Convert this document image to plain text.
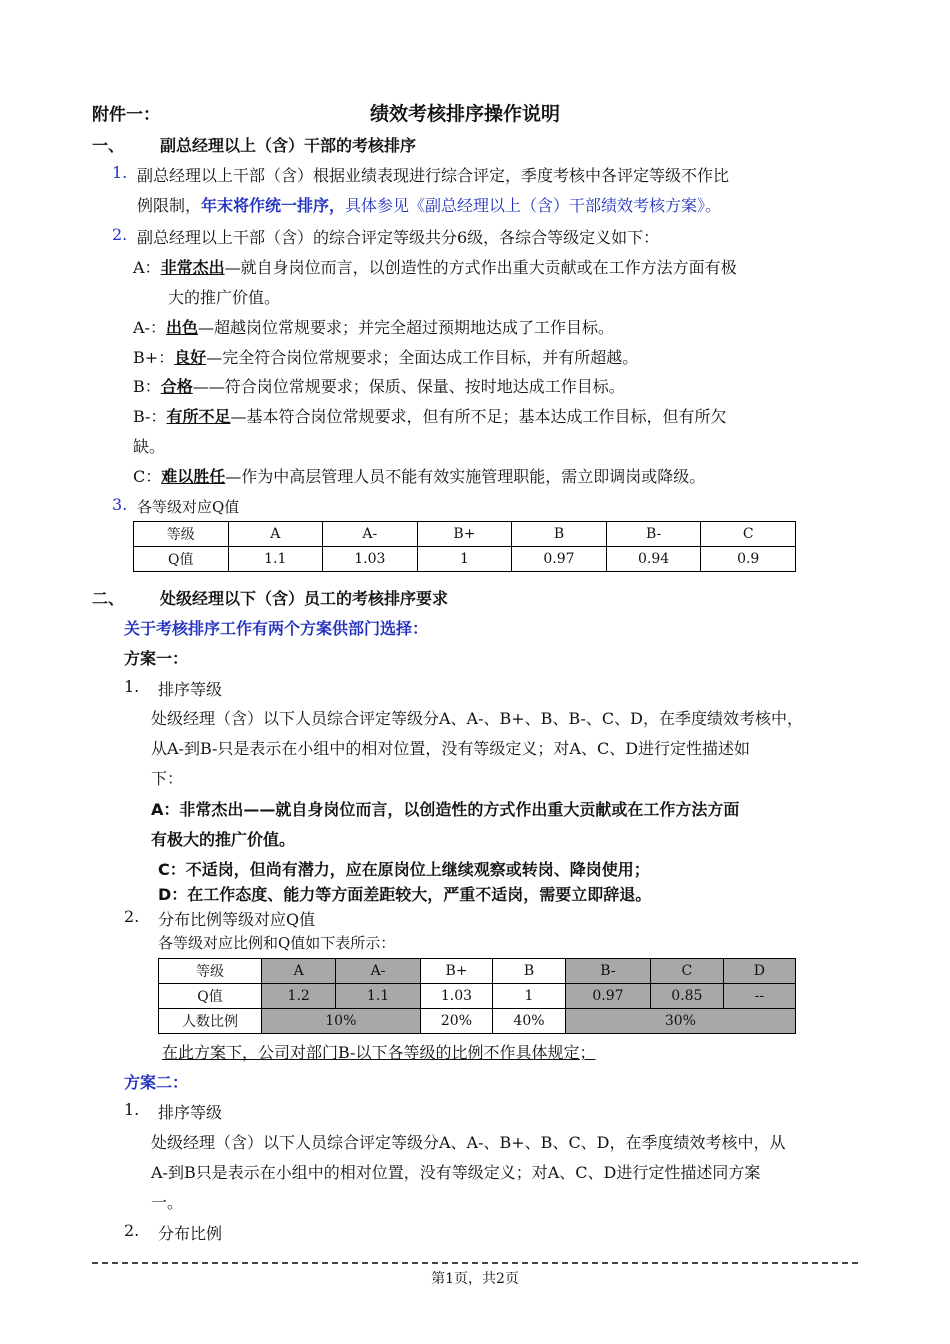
附件一：	绩效考核排序操作说明
一、 副总经理以上（含）干部的考核排序
1. 副总经理以上干部（含）根据业绩表现进行综合评定，季度考核中各评定等级不作比
例限制，年末将作统一排序，具体参见《副总经理以上（含）干部绩效考核方案》。
2. 副总经理以上干部（含）的综合评定等级共分6级，各综合等级定义如下：
A：非常杰出—就自身岗位而言，以创造性的方式作出重大贡献或在工作方法方面有极
大的推广价值。
A-：出色—超越岗位常规要求；并完全超过预期地达成了工作目标。
B+：良好—完全符合岗位常规要求；全面达成工作目标，并有所超越。
B：合格——符合岗位常规要求；保质、保量、按时地达成工作目标。
B-：有所不足—基本符合岗位常规要求，但有所不足；基本达成工作目标，但有所欠
缺。
C：难以胜任—作为中高层管理人员不能有效实施管理职能，需立即调岗或降级。
3. 各等级对应Q值
等级	A	A-	B+	B	B-	C
Q值	1.1	1.03	1	0.97	0.94	0.9
二、 处级经理以下（含）员工的考核排序要求
关于考核排序工作有两个方案供部门选择：
方案一：
1. 排序等级
处级经理（含）以下人员综合评定等级分A、A-、B+、B、B-、C、D，在季度绩效考核中，
从A-到B-只是表示在小组中的相对位置，没有等级定义；对A、C、D进行定性描述如
下：
A：非常杰出——就自身岗位而言，以创造性的方式作出重大贡献或在工作方法方面
有极大的推广价值。
C：不适岗，但尚有潜力，应在原岗位上继续观察或转岗、降岗使用；
D：在工作态度、能力等方面差距较大，严重不适岗，需要立即辞退。
2. 分布比例等级对应Q值
各等级对应比例和Q值如下表所示：
等级	A	A-	B+	B	B-	C	D
Q值	1.2	1.1	1.03	1	0.97	0.85	--
人数比例	10%		20%	40%	30%		
在此方案下，公司对部门B-以下各等级的比例不作具体规定；
方案二：
1. 排序等级
处级经理（含）以下人员综合评定等级分A、A-、B+、B、C、D，在季度绩效考核中，从
A-到B只是表示在小组中的相对位置，没有等级定义；对A、C、D进行定性描述同方案
一。
2. 分布比例
第1页，共2页
